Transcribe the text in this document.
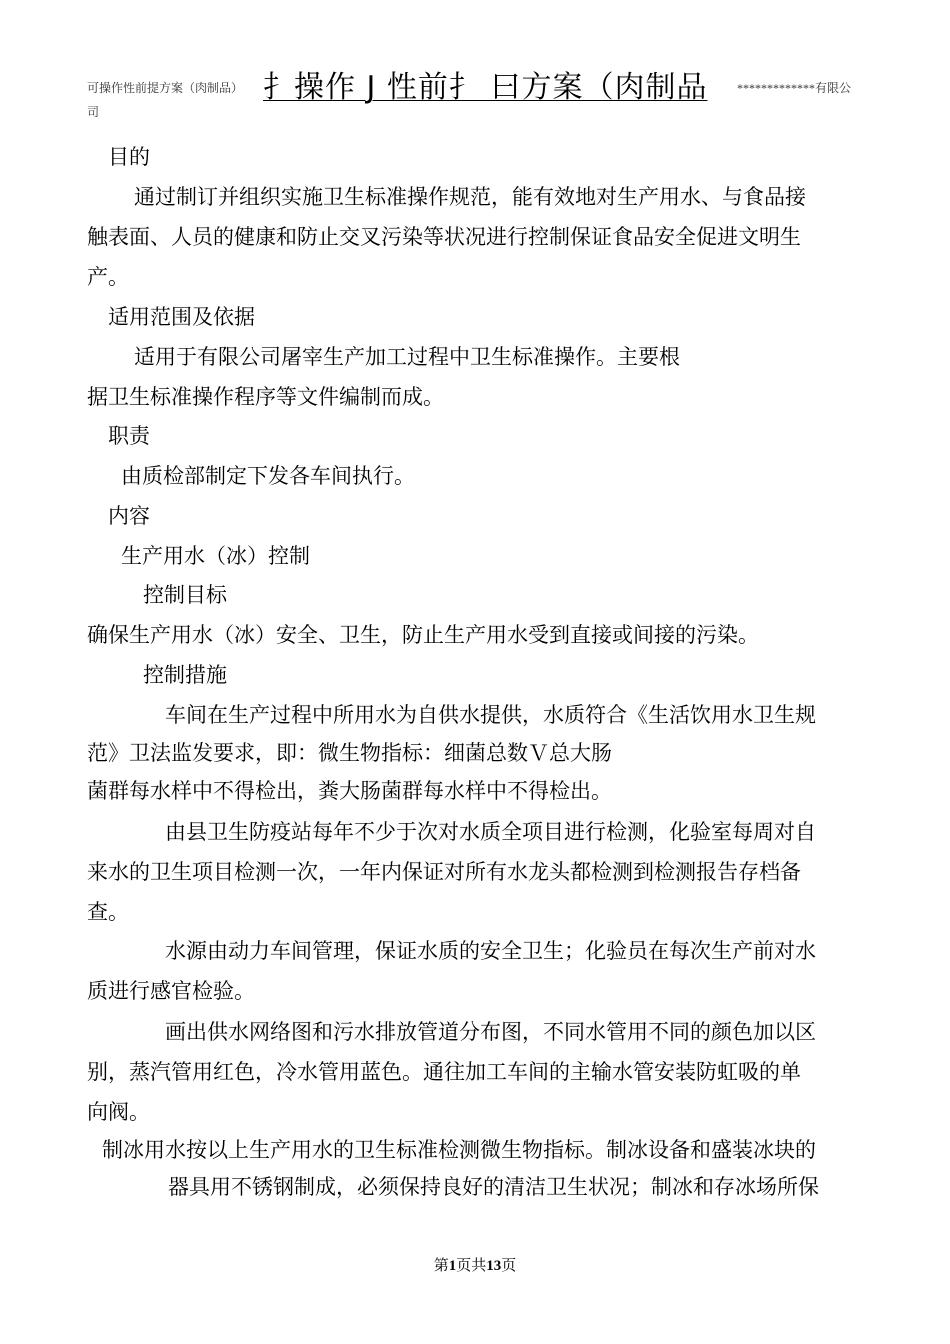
可操作性前提方案（肉制品） 扌操作 J 性前扌 曰方案（肉制品 *************有限公
司
目的
通过制订并组织实施卫生标准操作规范，能有效地对生产用水、与食品接
触表面、人员的健康和防止交叉污染等状况进行控制保证食品安全促进文明生
产。
适用范围及依据
适用于有限公司屠宰生产加工过程中卫生标准操作。主要根
据卫生标准操作程序等文件编制而成。
职责
由质检部制定下发各车间执行。
内容
生产用水（冰）控制
控制目标
确保生产用水（冰）安全、卫生，防止生产用水受到直接或间接的污染。
控制措施
车间在生产过程中所用水为自供水提供，水质符合《生活饮用水卫生规
范》卫法监发要求，即：微生物指标：细菌总数Ｖ总大肠
菌群每水样中不得检出，粪大肠菌群每水样中不得检出。
由县卫生防疫站每年不少于次对水质全项目进行检测，化验室每周对自
来水的卫生项目检测一次，一年内保证对所有水龙头都检测到检测报告存档备
查。
水源由动力车间管理，保证水质的安全卫生；化验员在每次生产前对水
质进行感官检验。
画出供水网络图和污水排放管道分布图，不同水管用不同的颜色加以区
别，蒸汽管用红色，冷水管用蓝色。通往加工车间的主输水管安装防虹吸的单
向阀。
制冰用水按以上生产用水的卫生标准检测微生物指标。制冰设备和盛装冰块的
器具用不锈钢制成，必须保持良好的清洁卫生状况；制冰和存冰场所保
第1页共13页
